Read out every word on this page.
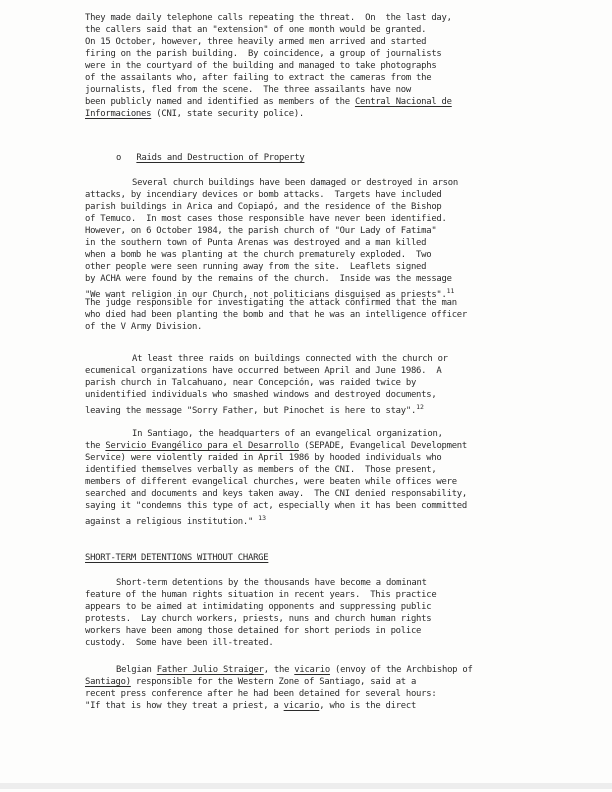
They made daily telephone calls repeating the threat.  On  the last day,
the callers said that an "extension" of one month would be granted.
On 15 October, however, three heavily armed men arrived and started
firing on the parish building.  By coincidence, a group of journalists
were in the courtyard of the building and managed to take photographs
of the assailants who, after failing to extract the cameras from the
journalists, fled from the scene.  The three assailants have now
been publicly named and identified as members of the Central Nacional de
Informaciones (CNI, state security police).
o Raids and Destruction of Property
Several church buildings have been damaged or destroyed in arson
attacks, by incendiary devices or bomb attacks.  Targets have included
parish buildings in Arica and Copiapó, and the residence of the Bishop
of Temuco.  In most cases those responsible have never been identified.
However, on 6 October 1984, the parish church of "Our Lady of Fatima"
in the southern town of Punta Arenas was destroyed and a man killed
when a bomb he was planting at the church prematurely exploded.  Two
other people were seen running away from the site.  Leaflets signed
by ACHA were found by the remains of the church.  Inside was the message
"We want religion in our Church, not politicians disguised as priests".$^{11}$
The judge responsible for investigating the attack confirmed that the man
who died had been planting the bomb and that he was an intelligence officer
of the V Army Division.
At least three raids on buildings connected with the church or
ecumenical organizations have occurred between April and June 1986.  A
parish church in Talcahuano, near Concepción, was raided twice by
unidentified individuals who smashed windows and destroyed documents,
leaving the message "Sorry Father, but Pinochet is here to stay".$^{12}$
In Santiago, the headquarters of an evangelical organization,
the Servicio Evangélico para el Desarrollo (SEPADE, Evangelical Development
Service) were violently raided in April 1986 by hooded individuals who
identified themselves verbally as members of the CNI.  Those present,
members of different evangelical churches, were beaten while offices were
searched and documents and keys taken away.  The CNI denied responsability,
saying it "condemns this type of act, especially when it has been committed
against a religious institution." $^{13}$
SHORT-TERM DETENTIONS WITHOUT CHARGE
Short-term detentions by the thousands have become a dominant
feature of the human rights situation in recent years.  This practice
appears to be aimed at intimidating opponents and suppressing public
protests.  Lay church workers, priests, nuns and church human rights
workers have been among those detained for short periods in police
custody.  Some have been ill-treated.
Belgian Father Julio Straiger, the vicario (envoy of the Archbishop of
Santiago) responsible for the Western Zone of Santiago, said at a
recent press conference after he had been detained for several hours:
"If that is how they treat a priest, a vicario, who is the direct
